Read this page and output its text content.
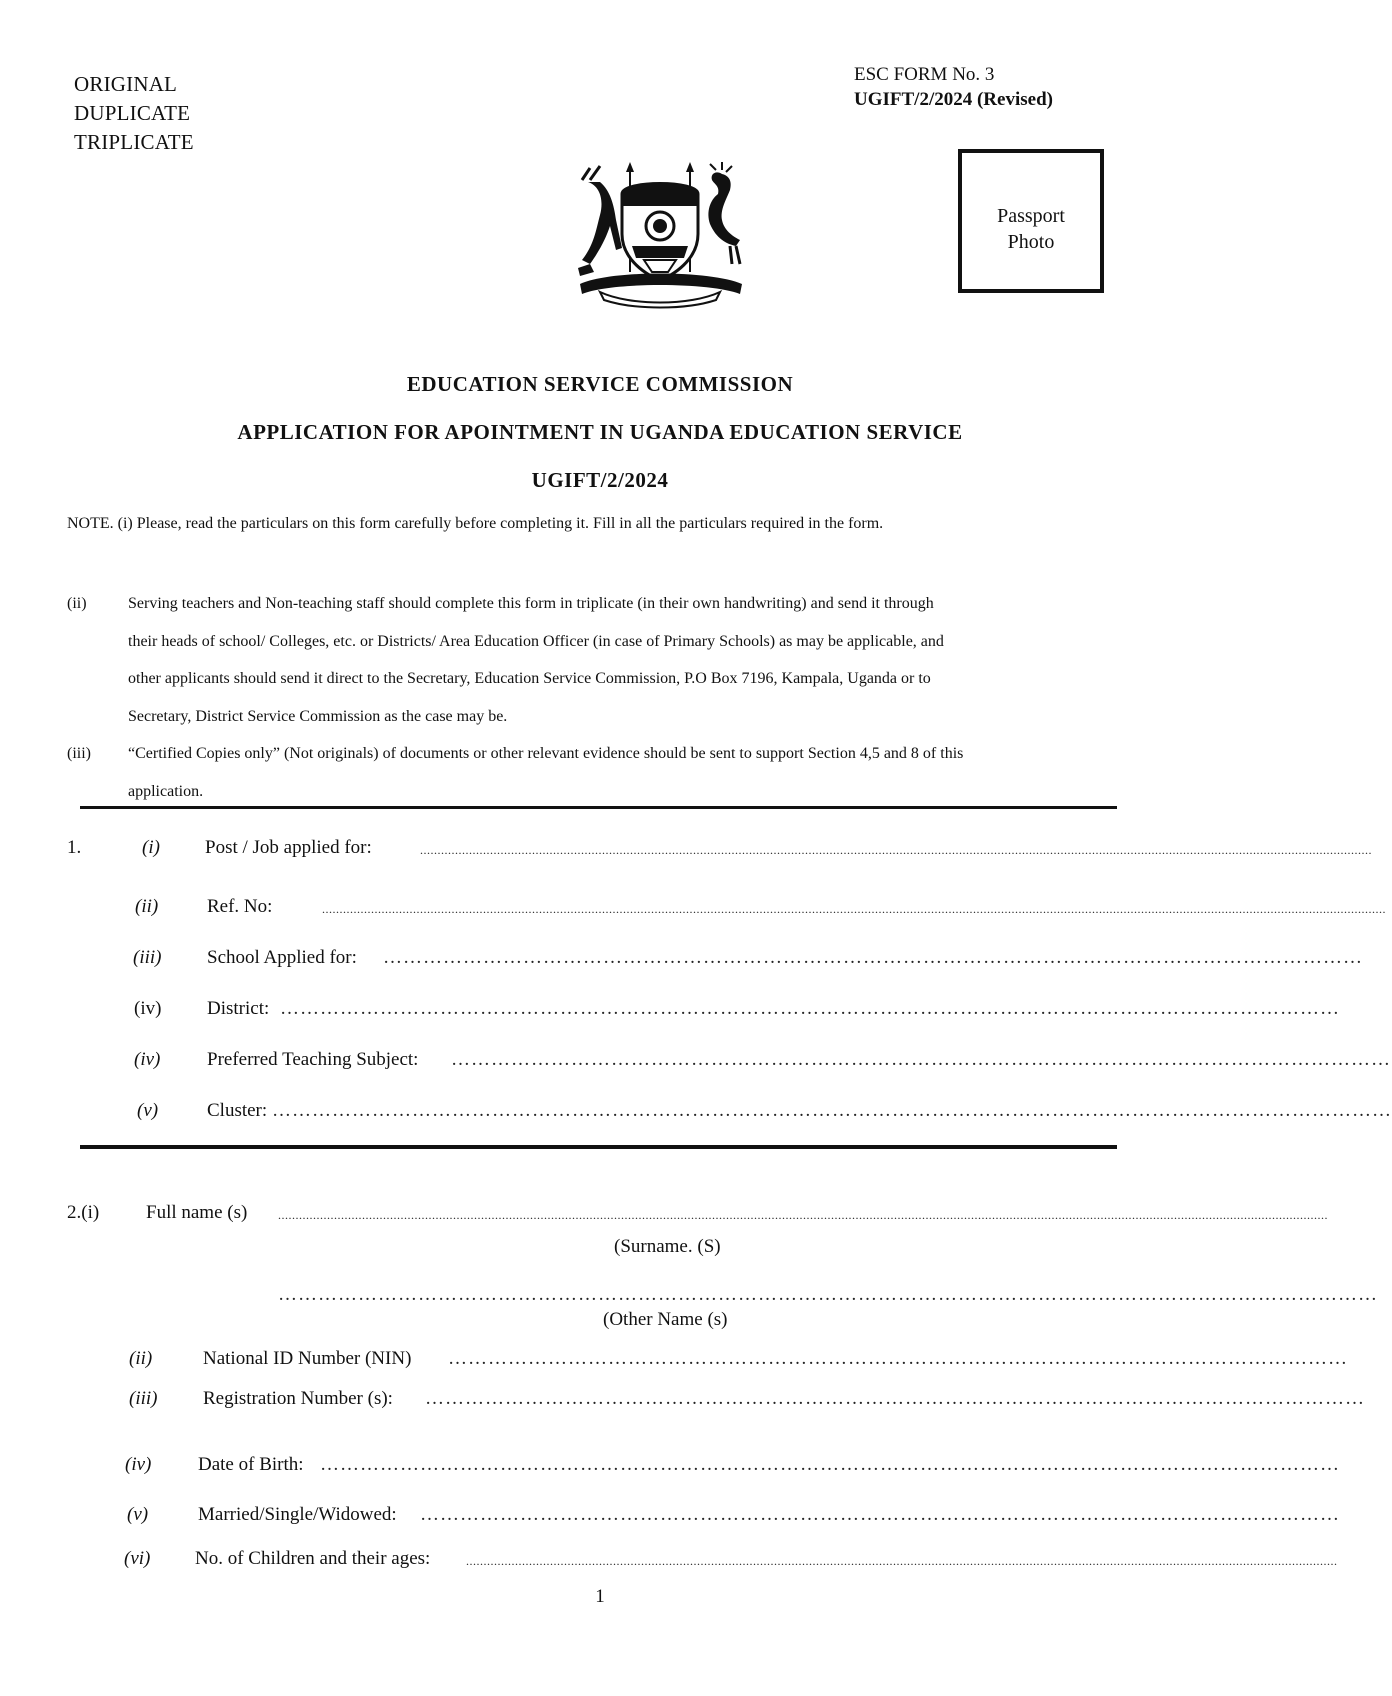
ORIGINAL
DUPLICATE
TRIPLICATE
ESC FORM No. 3
UGIFT/2/2024 (Revised)
Passport
Photo
EDUCATION SERVICE COMMISSION
APPLICATION FOR APOINTMENT IN UGANDA EDUCATION SERVICE
UGIFT/2/2024
NOTE. (i) Please, read the particulars on this form carefully before completing it. Fill in all the particulars required in the form.
(ii)	Serving teachers and Non-teaching staff should complete this form in triplicate (in their own handwriting) and send it through
their heads of school/ Colleges, etc. or Districts/ Area Education Officer (in case of Primary Schools) as may be applicable, and
other applicants should send it direct to the Secretary, Education Service Commission, P.O Box 7196, Kampala, Uganda or to
Secretary, District Service Commission as the case may be.
(iii) “Certified Copies only” (Not originals) of documents or other relevant evidence should be sent to support Section 4,5 and 8 of this
application.
1.	(i) Post / Job applied for:	................................................................................................................................................................................................................................................................................
(ii)	Ref. No:	................................................................................................................................................................................................................................................................................................................
(iii) School Applied for: …………………………………………………………………………………………………………………………………
(iv) District: ……………………………………………………………………………………………………………………………………………
(iv) Preferred Teaching Subject: ……………………………………………………………………………………………………………………………
(v)	Cluster: ……………………………………………………………………………………………………………………………………………………
2.(i) Full name (s)	............................................................................................................................................................................................................................................................................................................
(Surname. (S)
…………………………………………………………………………………………………………………………………………………
(Other Name (s)
(ii)	National ID Number (NIN) ………………………………………………………………………………………………………………………
(iii) Registration Number (s): ……………………………………………………………………………………………………………………………
(iv) Date of Birth: ………………………………………………………………………………………………………………………………………
(v)	Married/Single/Widowed: …………………………………………………………………………………………………………………………
(vi) No. of Children and their ages:	.........................................................................................................................................................................................................................................................
1
